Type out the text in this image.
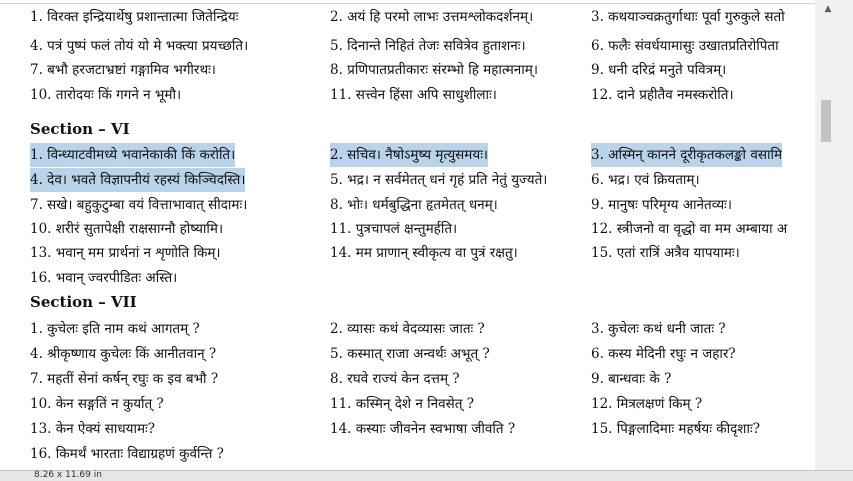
1. विरक्त इन्द्रियार्थेषु प्रशान्तात्मा जितेन्द्रियः	2. अयं हि परमो लाभः उत्तमश्लोकदर्शनम्।	3. कथयाञ्चक्रतुर्गाथाः पूर्वा गुरुकुले सतो
4. पत्रं पुष्पं फलं तोयं यो मे भक्त्या प्रयच्छति।	5. दिनान्ते निहितं तेजः सवित्रेव हुताशनः।	6. फलैः संवर्धयामासुः उखातप्रतिरोपिता
7. बभौ हरजटाभ्रष्टां गङ्गामिव भगीरथः।	8. प्रणिपातप्रतीकारः संरम्भो हि महात्मनाम्।	9. धनी दरिद्रं मनुते पवित्रम्।
10. तारोदयः किं गगने न भूमौ।	11. सत्त्वेन हिंसा अपि साधुशीलाः।	12. दाने प्रहीतैव नमस्करोति।
Section – VI
1. विन्ध्याटवीमध्ये भवानेकाकी किं करोति।	2. सचिव। नैषोऽमुष्य मृत्युसमयः।	3. अस्मिन् कानने दूरीकृतकलङ्को वसामि
4. देव। भवते विज्ञापनीयं रहस्यं किञ्चिदस्ति।	5. भद्र। न सर्वमेतत् धनं गृहं प्रति नेतुं युज्यते।	6. भद्र। एवं क्रियताम्।
7. सखे। बहुकुटुम्बा वयं वित्ताभावात् सीदामः।	8. भोः। धर्मबुद्धिना हृतमेतत् धनम्।	9. मानुषः परिमृग्य आनेतव्यः।
10. शरीरं सुतापेक्षी राक्षसाग्नौ होष्यामि।	11. पुत्रचापलं क्षन्तुमर्हति।	12. स्त्रीजनो वा वृद्धो वा मम अम्बाया अ
13. भवान् मम प्रार्थनां न शृणोति किम्।	14. मम प्राणान् स्वीकृत्य वा पुत्रं रक्षतु।	15. एतां रात्रिं अत्रैव यापयामः।
16. भवान् ज्वरपीडितः अस्ति।
Section – VII
1. कुचेलः इति नाम कथं आगतम् ?	2. व्यासः कथं वेदव्यासः जातः ?	3. कुचेलः कथं धनी जातः ?
4. श्रीकृष्णाय कुचेलः किं आनीतवान् ?	5. कस्मात् राजा अन्वर्थः अभूत् ?	6. कस्य मेदिनी रघुः न जहार?
7. महतीं सेनां कर्षन् रघुः क इव बभौ ?	8. रघवे राज्यं केन दत्तम् ?	9. बान्धवाः के ?
10. केन सङ्गतिं न कुर्यात् ?	11. कस्मिन् देशे न निवसेत् ?	12. मित्रलक्षणं किम् ?
13. केन ऐक्यं साधयामः?	14. कस्याः जीवनेन स्वभाषा जीवति ?	15. पिङ्गलादिमाः महर्षयः कीदृशाः?
16. किमर्थं भारताः विद्याग्रहणं कुर्वन्ति ?
▲
8.26 x 11.69 in
